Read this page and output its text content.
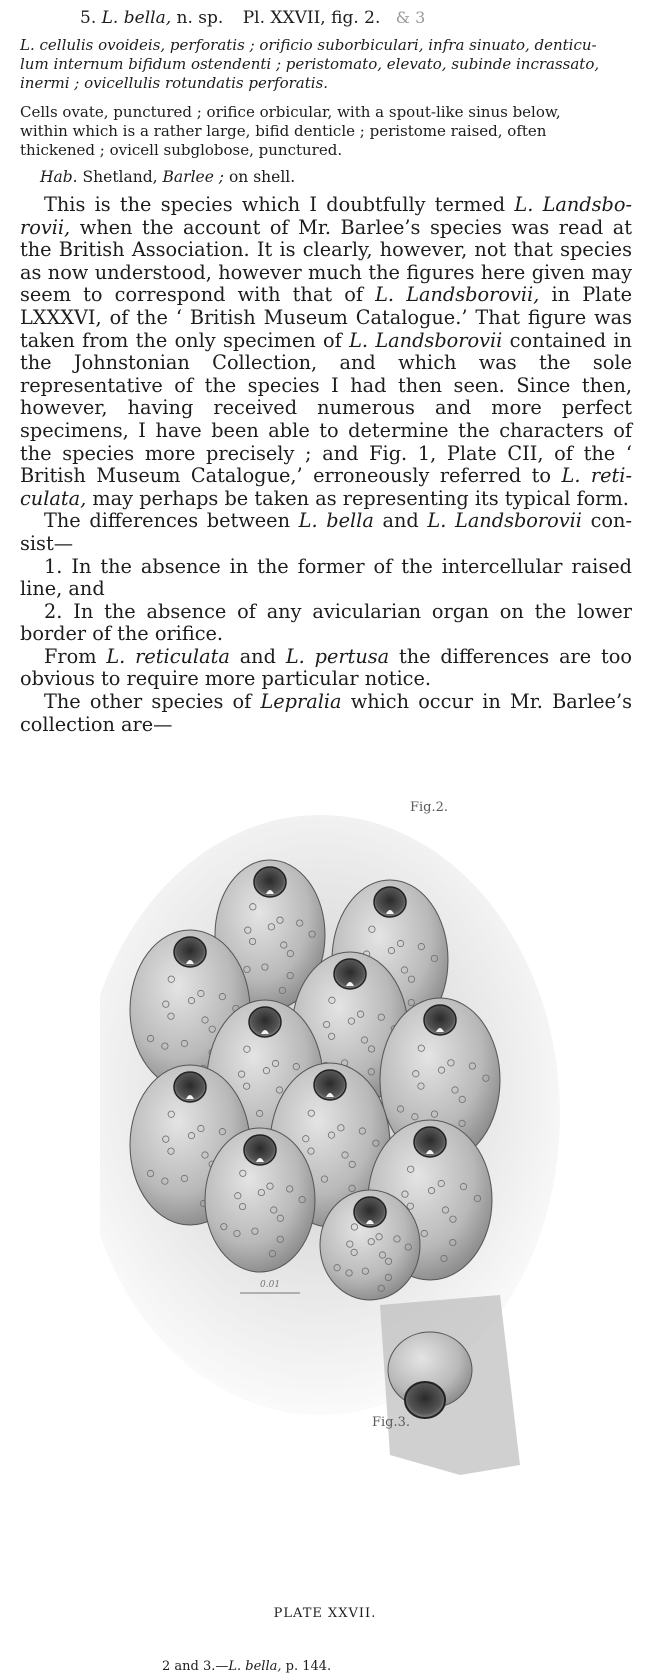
5. L. bella, n. sp. Pl. XXVII, fig. 2. & 3

L. cellulis ovoideis, perforatis ; orificio suborbiculari, infra sinuato, denticu-

lum internum bifidum ostendenti ; peristomato, elevato, subinde incrassato,

inermi ; ovicellulis rotundatis perforatis.

Cells ovate, punctured ; orifice orbicular, with a spout-like sinus below,

within which is a rather large, bifid denticle ; peristome raised, often

thickened ; ovicell subglobose, punctured.

Hab. Shetland, Barlee ; on shell.

This is the species which I doubtfully termed L. Landsbo- rovii, when the account of Mr. Barlee’s species was read at the British Association. It is clearly, however, not that species as now understood, however much the figures here given may seem to correspond with that of L. Landsborovii, in Plate LXXXVI, of the ‘ British Museum Catalogue.’ That figure was taken from the only specimen of L. Landsborovii contained in the Johnstonian Collection, and which was the sole representative of the species I had then seen. Since then, however, having received numerous and more perfect specimens, I have been able to determine the characters of the species more precisely ; and Fig. 1, Plate CII, of the ‘ British Museum Catalogue,’ erroneously referred to L. reti- culata, may perhaps be taken as representing its typical form.

The differences between L. bella and L. Landsborovii con-sist—

1. In the absence in the former of the intercellular raised line, and

2. In the absence of any avicularian organ on the lower border of the orifice.

From L. reticulata and L. pertusa the differences are too obvious to require more particular notice.

The other species of Lepralia which occur in Mr. Barlee’s collection are—

Fig.2.
Fig.3.
0.01
PLATE XXVII.
2 and 3.—L. bella, p. 144.
